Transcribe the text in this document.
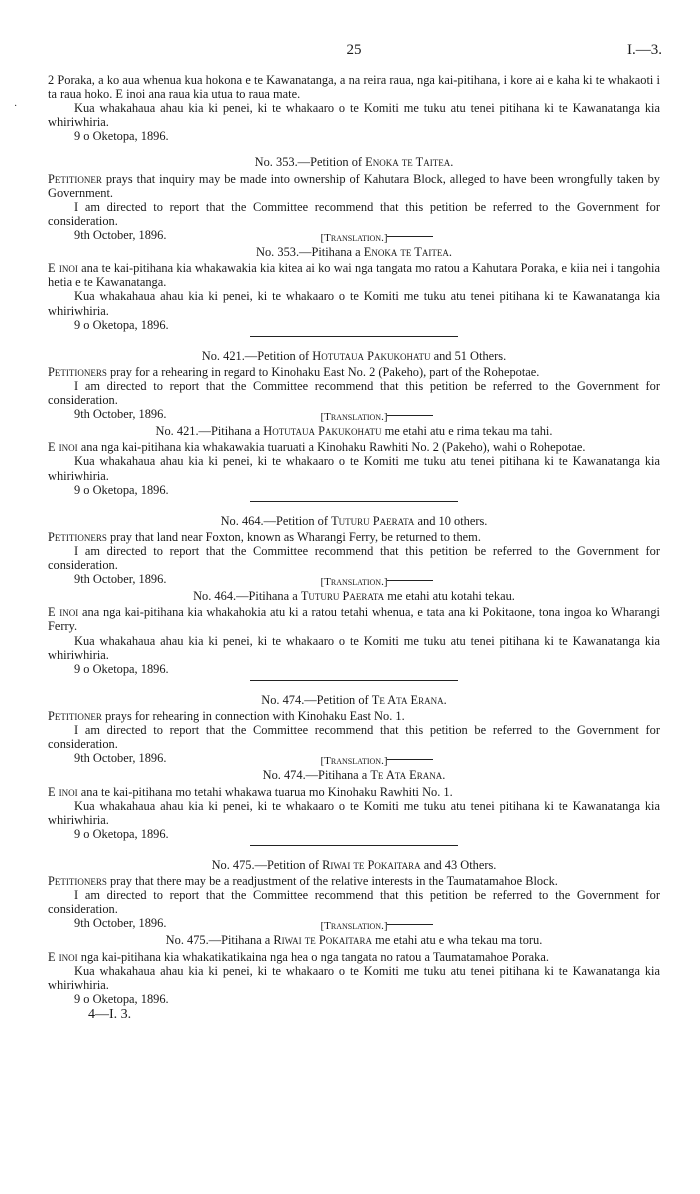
25	I.—3.

2 Poraka, a ko aua whenua kua hokona e te Kawanatanga, a na reira raua, nga kai-pitihana, i kore ai e kaha ki te whakaoti i ta raua hoko. E inoi ana raua kia utua to raua mate.

Kua whakahaua ahau kia ki penei, ki te whakaaro o te Komiti me tuku atu tenei pitihana ki te Kawanatanga kia whiriwhiria.

9 o Oketopa, 1896.

No. 353.—Petition of Enoka te Taitea.

Petitioner prays that inquiry may be made into ownership of Kahutara Block, alleged to have been wrongfully taken by Government.

I am directed to report that the Committee recommend that this petition be referred to the Government for consideration.

9th October, 1896.	[Translation.]

No. 353.—Pitihana a Enoka te Taitea.

E inoi ana te kai-pitihana kia whakawakia kia kitea ai ko wai nga tangata mo ratou a Kahutara Poraka, e kiia nei i tangohia hetia e te Kawanatanga.

Kua whakahaua ahau kia ki penei, ki te whakaaro o te Komiti me tuku atu tenei pitihana ki te Kawanatanga kia whiriwhiria.

9 o Oketopa, 1896.

No. 421.—Petition of Hotutaua Pakukohatu and 51 Others.

Petitioners pray for a rehearing in regard to Kinohaku East No. 2 (Pakeho), part of the Rohepotae.

I am directed to report that the Committee recommend that this petition be referred to the Government for consideration.

9th October, 1896.	[Translation.]

No. 421.—Pitihana a Hotutaua Pakukohatu me etahi atu e rima tekau ma tahi.

E inoi ana nga kai-pitihana kia whakawakia tuaruati a Kinohaku Rawhiti No. 2 (Pakeho), wahi o Rohepotae.

Kua whakahaua ahau kia ki penei, ki te whakaaro o te Komiti me tuku atu tenei pitihana ki te Kawanatanga kia whiriwhiria.

9 o Oketopa, 1896.

No. 464.—Petition of Tuturu Paerata and 10 others.

Petitioners pray that land near Foxton, known as Wharangi Ferry, be returned to them.

I am directed to report that the Committee recommend that this petition be referred to the Government for consideration.

9th October, 1896.	[Translation.]

No. 464.—Pitihana a Tuturu Paerata me etahi atu kotahi tekau.

E inoi ana nga kai-pitihana kia whakahokia atu ki a ratou tetahi whenua, e tata ana ki Pokitaone, tona ingoa ko Wharangi Ferry.

Kua whakahaua ahau kia ki penei, ki te whakaaro o te Komiti me tuku atu tenei pitihana ki te Kawanatanga kia whiriwhiria.

9 o Oketopa, 1896.

No. 474.—Petition of Te Ata Erana.

Petitioner prays for rehearing in connection with Kinohaku East No. 1.

I am directed to report that the Committee recommend that this petition be referred to the Government for consideration.

9th October, 1896.	[Translation.]

No. 474.—Pitihana a Te Ata Erana.

E inoi ana te kai-pitihana mo tetahi whakawa tuarua mo Kinohaku Rawhiti No. 1.

Kua whakahaua ahau kia ki penei, ki te whakaaro o te Komiti me tuku atu tenei pitihana ki te Kawanatanga kia whiriwhiria.

9 o Oketopa, 1896.

No. 475.—Petition of Riwai te Pokaitara and 43 Others.

Petitioners pray that there may be a readjustment of the relative interests in the Taumatamahoe Block.

I am directed to report that the Committee recommend that this petition be referred to the Government for consideration.

9th October, 1896.	[Translation.]

No. 475.—Pitihana a Riwai te Pokaitara me etahi atu e wha tekau ma toru.

E inoi nga kai-pitihana kia whakatikatikaina nga hea o nga tangata no ratou a Taumatamahoe Poraka.

Kua whakahaua ahau kia ki penei, ki te whakaaro o te Komiti me tuku atu tenei pitihana ki te Kawanatanga kia whiriwhiria.

9 o Oketopa, 1896.

4—I. 3.

·
